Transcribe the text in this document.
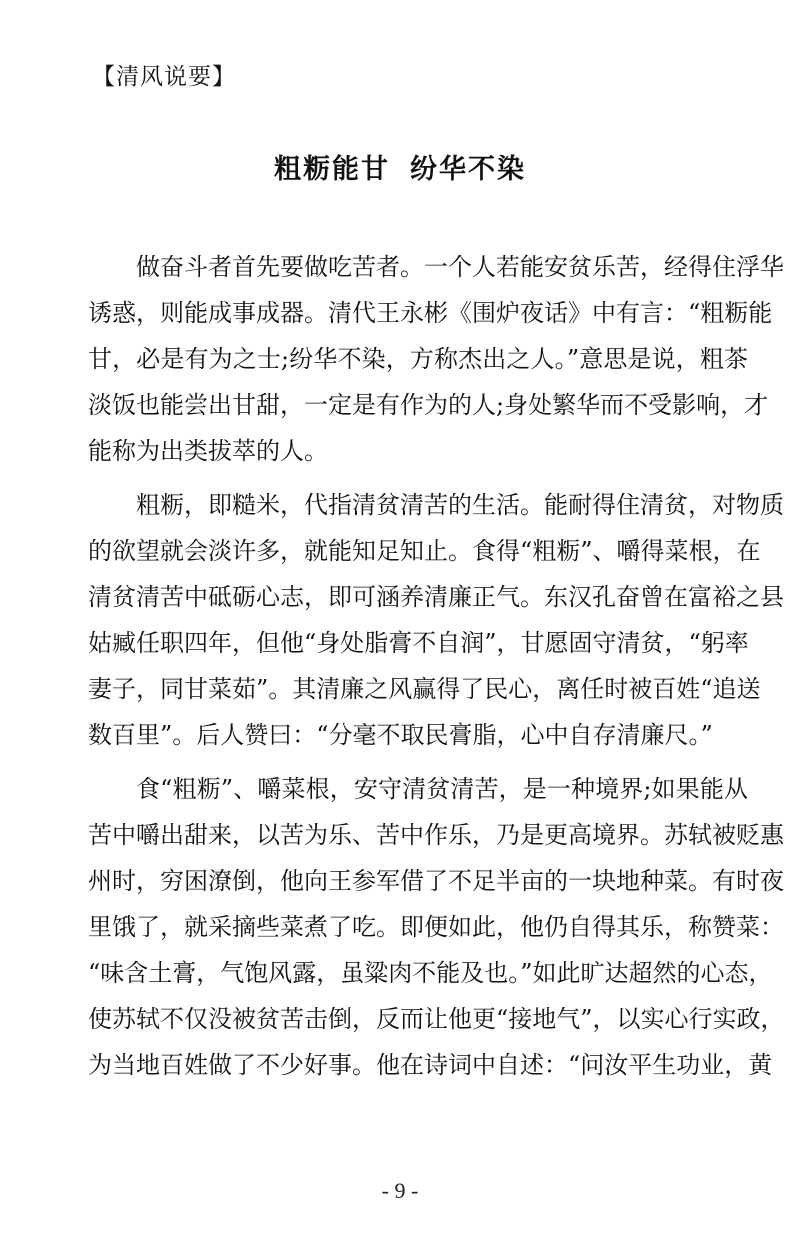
【清风说要】
粗粝能甘 纷华不染
做奋斗者首先要做吃苦者。一个人若能安贫乐苦，经得住浮华
诱惑，则能成事成器。清代王永彬《围炉夜话》中有言：“粗粝能
甘，必是有为之士;纷华不染，方称杰出之人。”意思是说，粗茶
淡饭也能尝出甘甜，一定是有作为的人;身处繁华而不受影响，才
能称为出类拔萃的人。
粗粝，即糙米，代指清贫清苦的生活。能耐得住清贫，对物质
的欲望就会淡许多，就能知足知止。食得“粗粝”、嚼得菜根，在
清贫清苦中砥砺心志，即可涵养清廉正气。东汉孔奋曾在富裕之县
姑臧任职四年，但他“身处脂膏不自润”，甘愿固守清贫，“躬率
妻子，同甘菜茹”。其清廉之风赢得了民心，离任时被百姓“追送
数百里”。后人赞曰：“分毫不取民膏脂，心中自存清廉尺。”
食“粗粝”、嚼菜根，安守清贫清苦，是一种境界;如果能从
苦中嚼出甜来，以苦为乐、苦中作乐，乃是更高境界。苏轼被贬惠
州时，穷困潦倒，他向王参军借了不足半亩的一块地种菜。有时夜
里饿了，就采摘些菜煮了吃。即便如此，他仍自得其乐，称赞菜：
“味含土膏，气饱风露，虽粱肉不能及也。”如此旷达超然的心态，
使苏轼不仅没被贫苦击倒，反而让他更“接地气”，以实心行实政，
为当地百姓做了不少好事。他在诗词中自述：“问汝平生功业，黄
- 9 -
